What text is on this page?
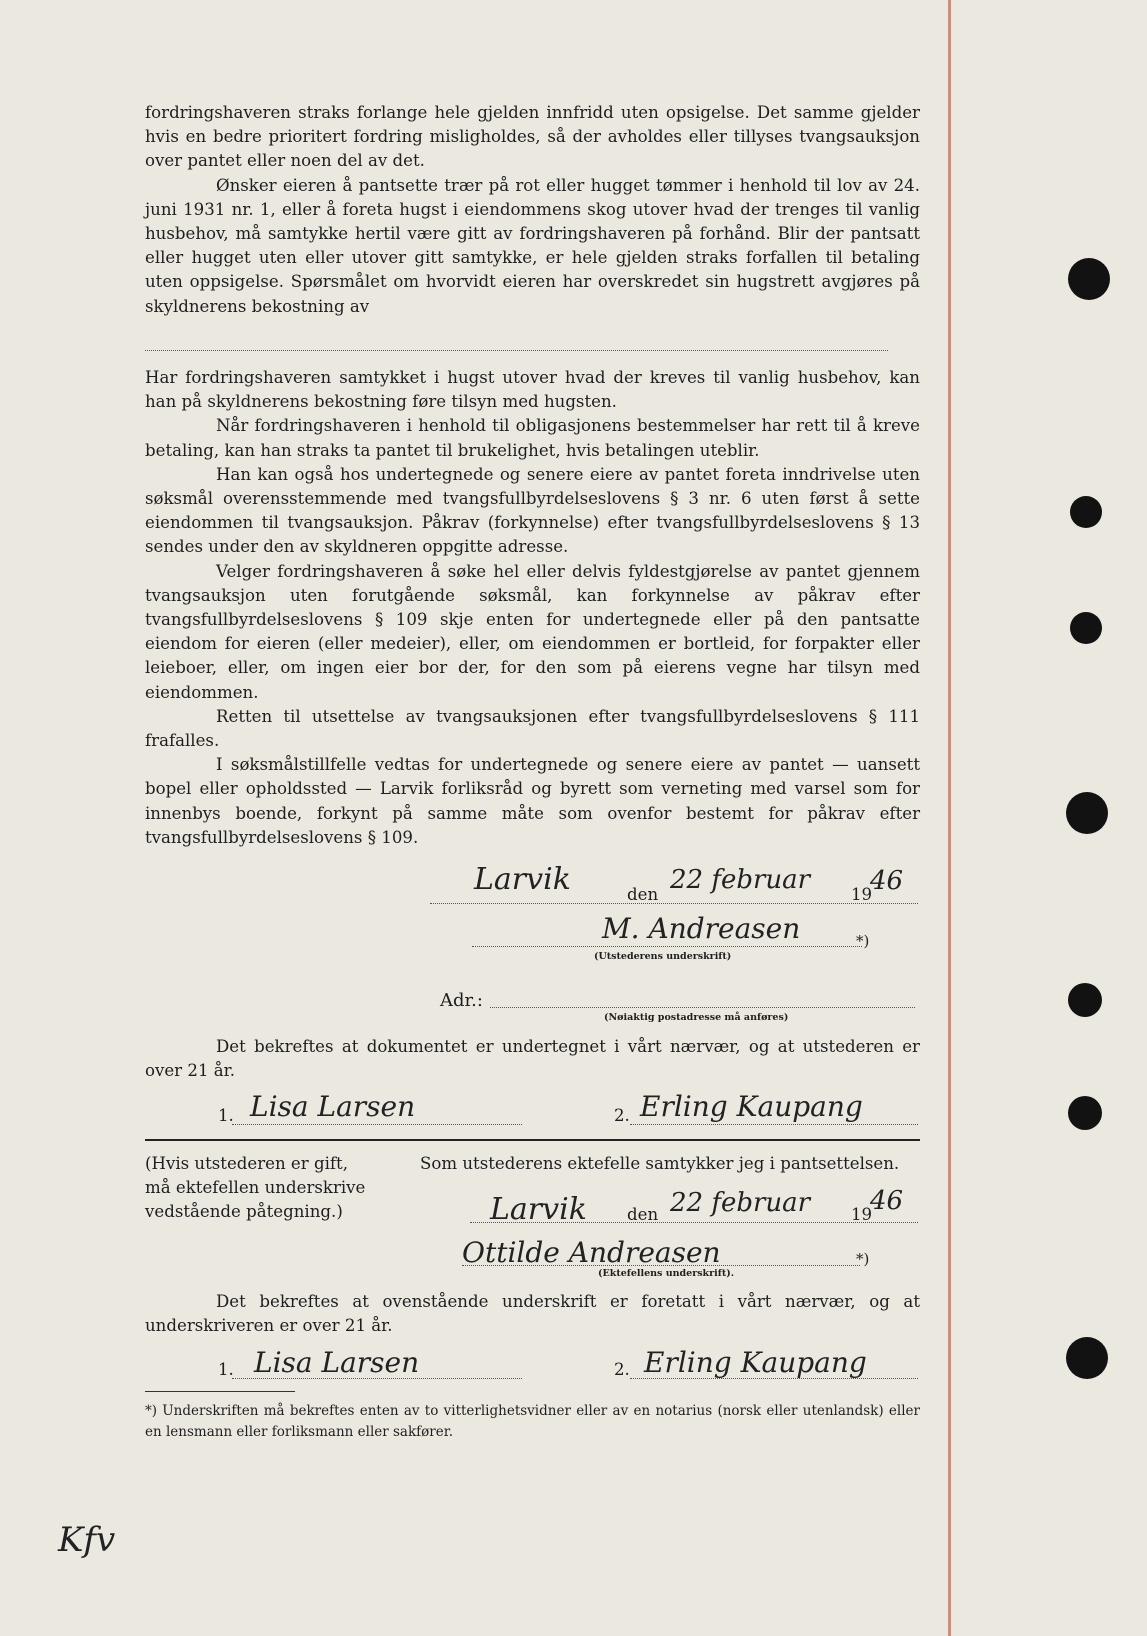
fordringshaveren straks forlange hele gjelden innfridd uten opsigelse. Det samme gjelder hvis en bedre prioritert fordring misligholdes, så der avholdes eller tillyses tvangsauksjon over pantet eller noen del av det.

Ønsker eieren å pantsette trær på rot eller hugget tømmer i henhold til lov av 24. juni 1931 nr. 1, eller å foreta hugst i eiendommens skog utover hvad der trenges til vanlig husbehov, må samtykke hertil være gitt av fordringshaveren på forhånd. Blir der pantsatt eller hugget uten eller utover gitt samtykke, er hele gjelden straks forfallen til betaling uten oppsigelse. Spørsmålet om hvorvidt eieren har overskredet sin hugstrett avgjøres på skyldnerens bekostning av

Har fordringshaveren samtykket i hugst utover hvad der kreves til vanlig husbehov, kan han på skyldnerens bekostning føre tilsyn med hugsten.

Når fordringshaveren i henhold til obligasjonens bestemmelser har rett til å kreve betaling, kan han straks ta pantet til brukelighet, hvis betalingen uteblir.

Han kan også hos undertegnede og senere eiere av pantet foreta inndrivelse uten søksmål overensstemmende med tvangsfullbyrdelseslovens § 3 nr. 6 uten først å sette eiendommen til tvangsauksjon. Påkrav (forkynnelse) efter tvangsfullbyrdelseslovens § 13 sendes under den av skyldneren oppgitte adresse.

Velger fordringshaveren å søke hel eller delvis fyldestgjørelse av pantet gjennem tvangsauksjon uten forutgående søksmål, kan forkynnelse av påkrav efter tvangsfullbyrdelseslovens § 109 skje enten for undertegnede eller på den pantsatte eiendom for eieren (eller medeier), eller, om eiendommen er bortleid, for forpakter eller leieboer, eller, om ingen eier bor der, for den som på eierens vegne har tilsyn med eiendommen.

Retten til utsettelse av tvangsauksjonen efter tvangsfullbyrdelseslovens § 111 frafalles.

I søksmålstillfelle vedtas for undertegnede og senere eiere av pantet — uansett bopel eller opholdssted — Larvik forliksråd og byrett som verneting med varsel som for innenbys boende, forkynt på samme måte som ovenfor bestemt for påkrav efter tvangsfullbyrdelseslovens § 109.

Larvik	den 22 februar 19
46
M. Andreasen	*)
(Utstederens underskrift)
Adr.:
(Nøiaktig postadresse må anføres)

Det bekreftes at dokumentet er undertegnet i vårt nærvær, og at utstederen er over 21 år.

1. Lisa Larsen	2. Erling Kaupang
(Hvis utstederen er gift, må ektefellen underskrive vedstående påtegning.)
Som utstederens ektefelle samtykker jeg i pantsettelsen.
Larvik den 22 februar 19
46
Ottilde Andreasen	*)
(Ektefellens underskrift).

Det bekreftes at ovenstående underskrift er foretatt i vårt nærvær, og at underskriveren er over 21 år.

1. Lisa Larsen	2. Erling Kaupang
*) Underskriften må bekreftes enten av to vitterlighetsvidner eller av en notarius (norsk eller utenlandsk) eller en lensmann eller forliksmann eller sakfører.
Kfv
